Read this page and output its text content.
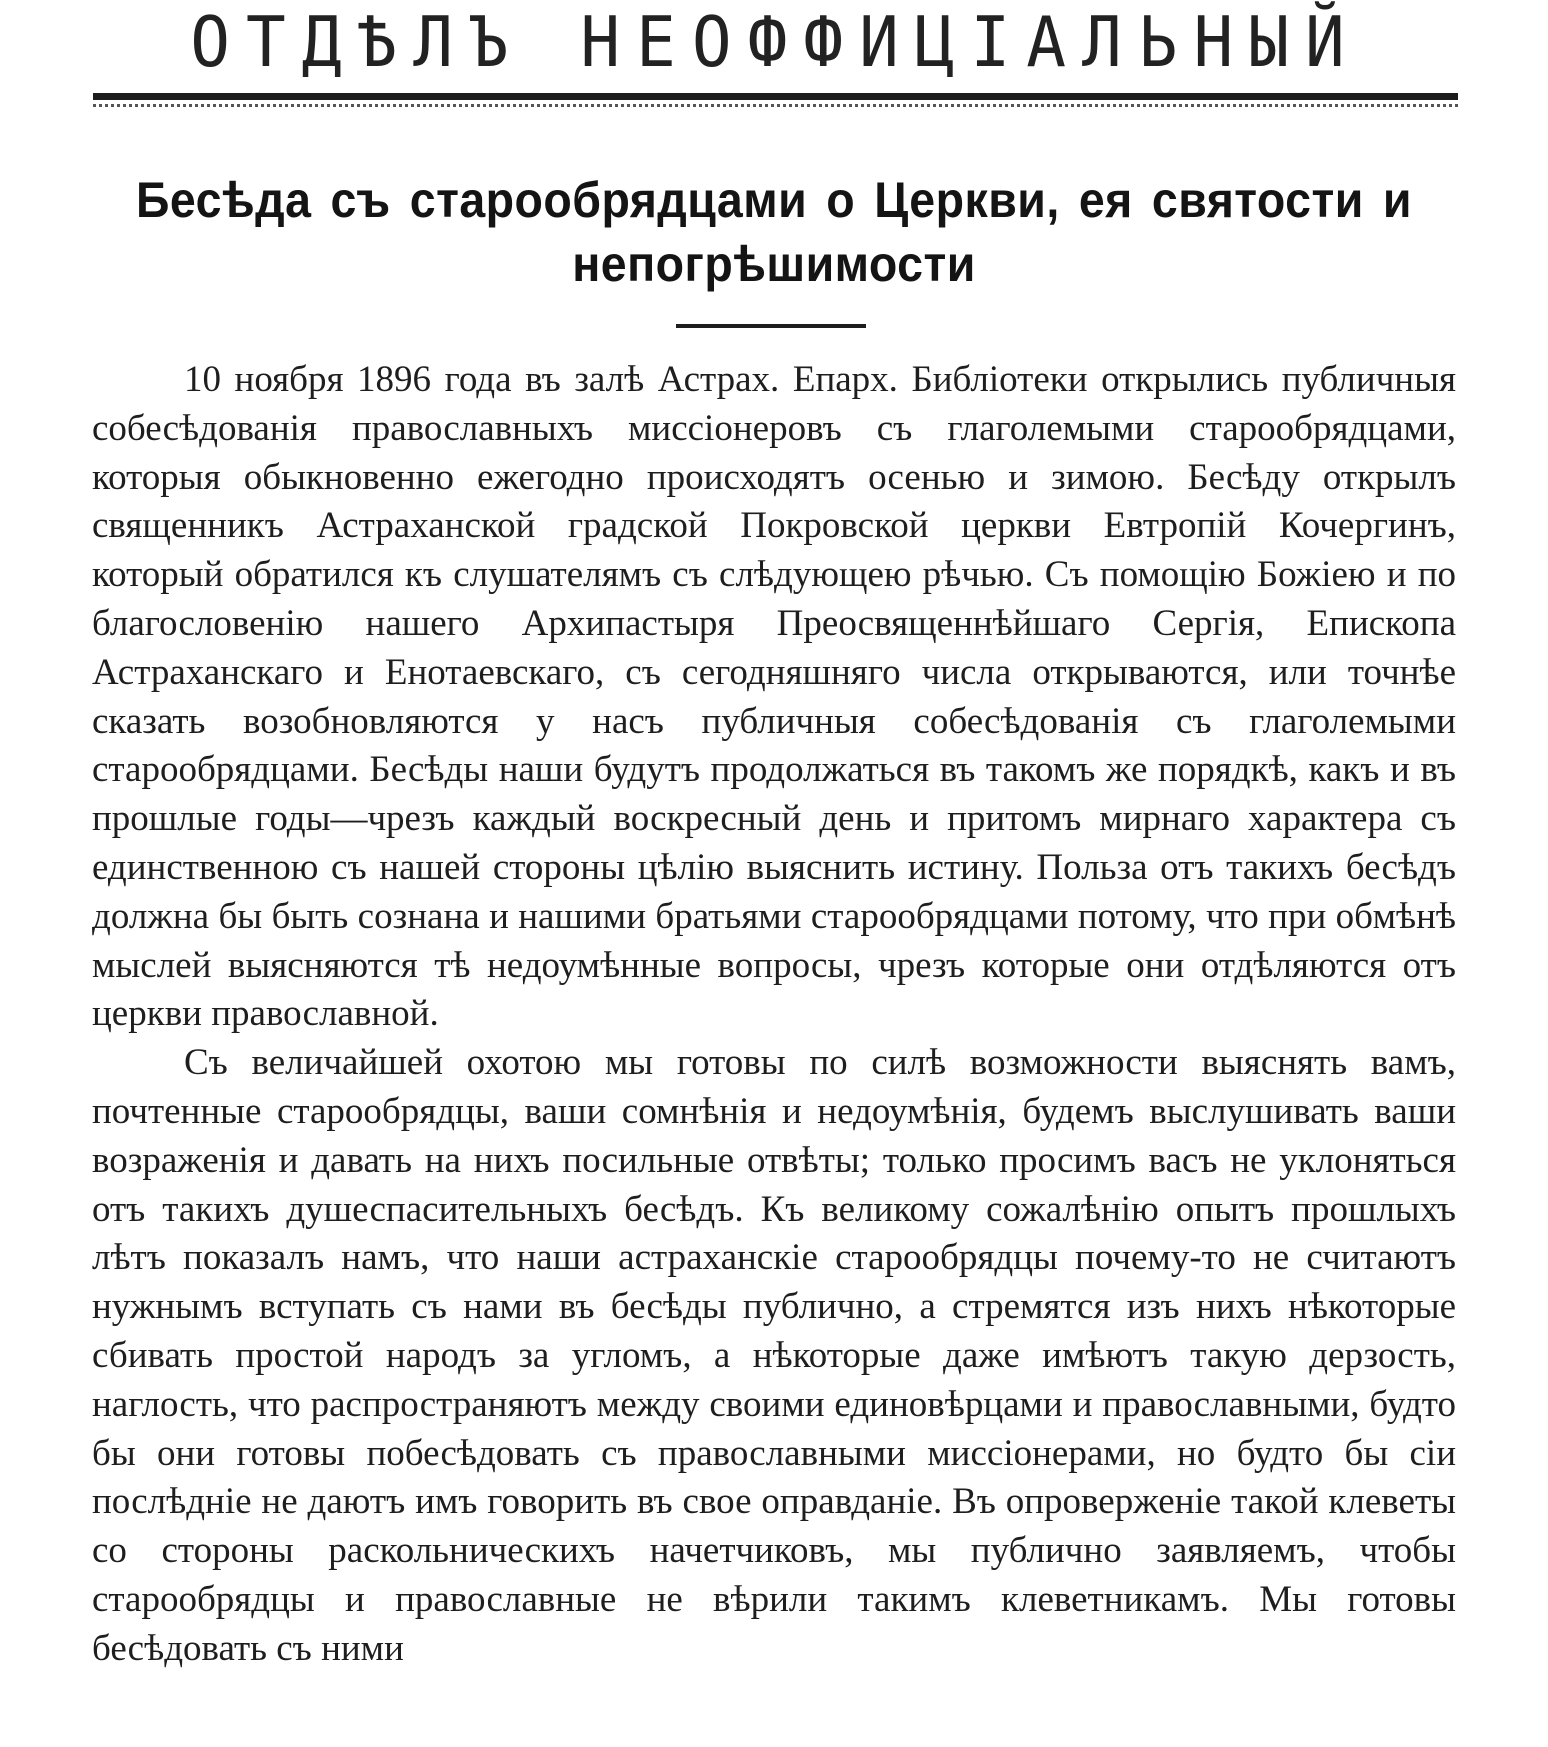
ОТДѢЛЪ НЕОФФИЦІАЛЬНЫЙ
Бесѣда съ старообрядцами о Церкви, ея святости и непогрѣшимости

10 ноября 1896 года въ залѣ Астрах. Епарх. Библіотеки открылись публичныя собесѣдованія православныхъ миссіонеровъ съ глаголемыми старообрядцами, которыя обыкновенно ежегодно происходятъ осенью и зимою. Бесѣду открылъ священникъ Астраханской градской Покровской церкви Евтропій Кочергинъ, который обратился къ слушателямъ съ слѣдующею рѣчью. Съ помощію Божіею и по благословенію нашего Архипастыря Преосвященнѣйшаго Сергія, Епископа Астраханскаго и Енотаевскаго, съ сегодняшняго числа открываются, или точнѣе сказать возобновляются у насъ публичныя собесѣдованія съ глаголемыми старообрядцами. Бесѣды наши будутъ продолжаться въ такомъ же порядкѣ, какъ и въ прошлые годы—чрезъ каждый воскресный день и притомъ мирнаго характера съ единственною съ нашей стороны цѣлію выяснить истину. Польза отъ такихъ бесѣдъ должна бы быть сознана и нашими братьями старообрядцами потому, что при обмѣнѣ мыслей выясняются тѣ недоумѣнные вопросы, чрезъ которые они отдѣляются отъ церкви православной.

Съ величайшей охотою мы готовы по силѣ возможности выяснять вамъ, почтенные старообрядцы, ваши сомнѣнія и недоумѣнія, будемъ выслушивать ваши возраженія и давать на нихъ посильные отвѣты; только просимъ васъ не уклоняться отъ такихъ душеспасительныхъ бесѣдъ. Къ великому сожалѣнію опытъ прошлыхъ лѣтъ показалъ намъ, что наши астраханскіе старообрядцы почему-то не считаютъ нужнымъ вступать съ нами въ бесѣды публично, а стремятся изъ нихъ нѣкоторые сбивать простой народъ за угломъ, а нѣкоторые даже имѣютъ такую дерзость, наглость, что распространяютъ между своими единовѣрцами и православными, будто бы они готовы побесѣдовать съ православными миссіонерами, но будто бы сіи послѣдніе не даютъ имъ говорить въ свое оправданіе. Въ опроверженіе такой клеветы со стороны раскольническихъ начетчиковъ, мы публично заявляемъ, чтобы старообрядцы и православные не вѣрили такимъ клеветникамъ. Мы готовы бесѣдовать съ ними
